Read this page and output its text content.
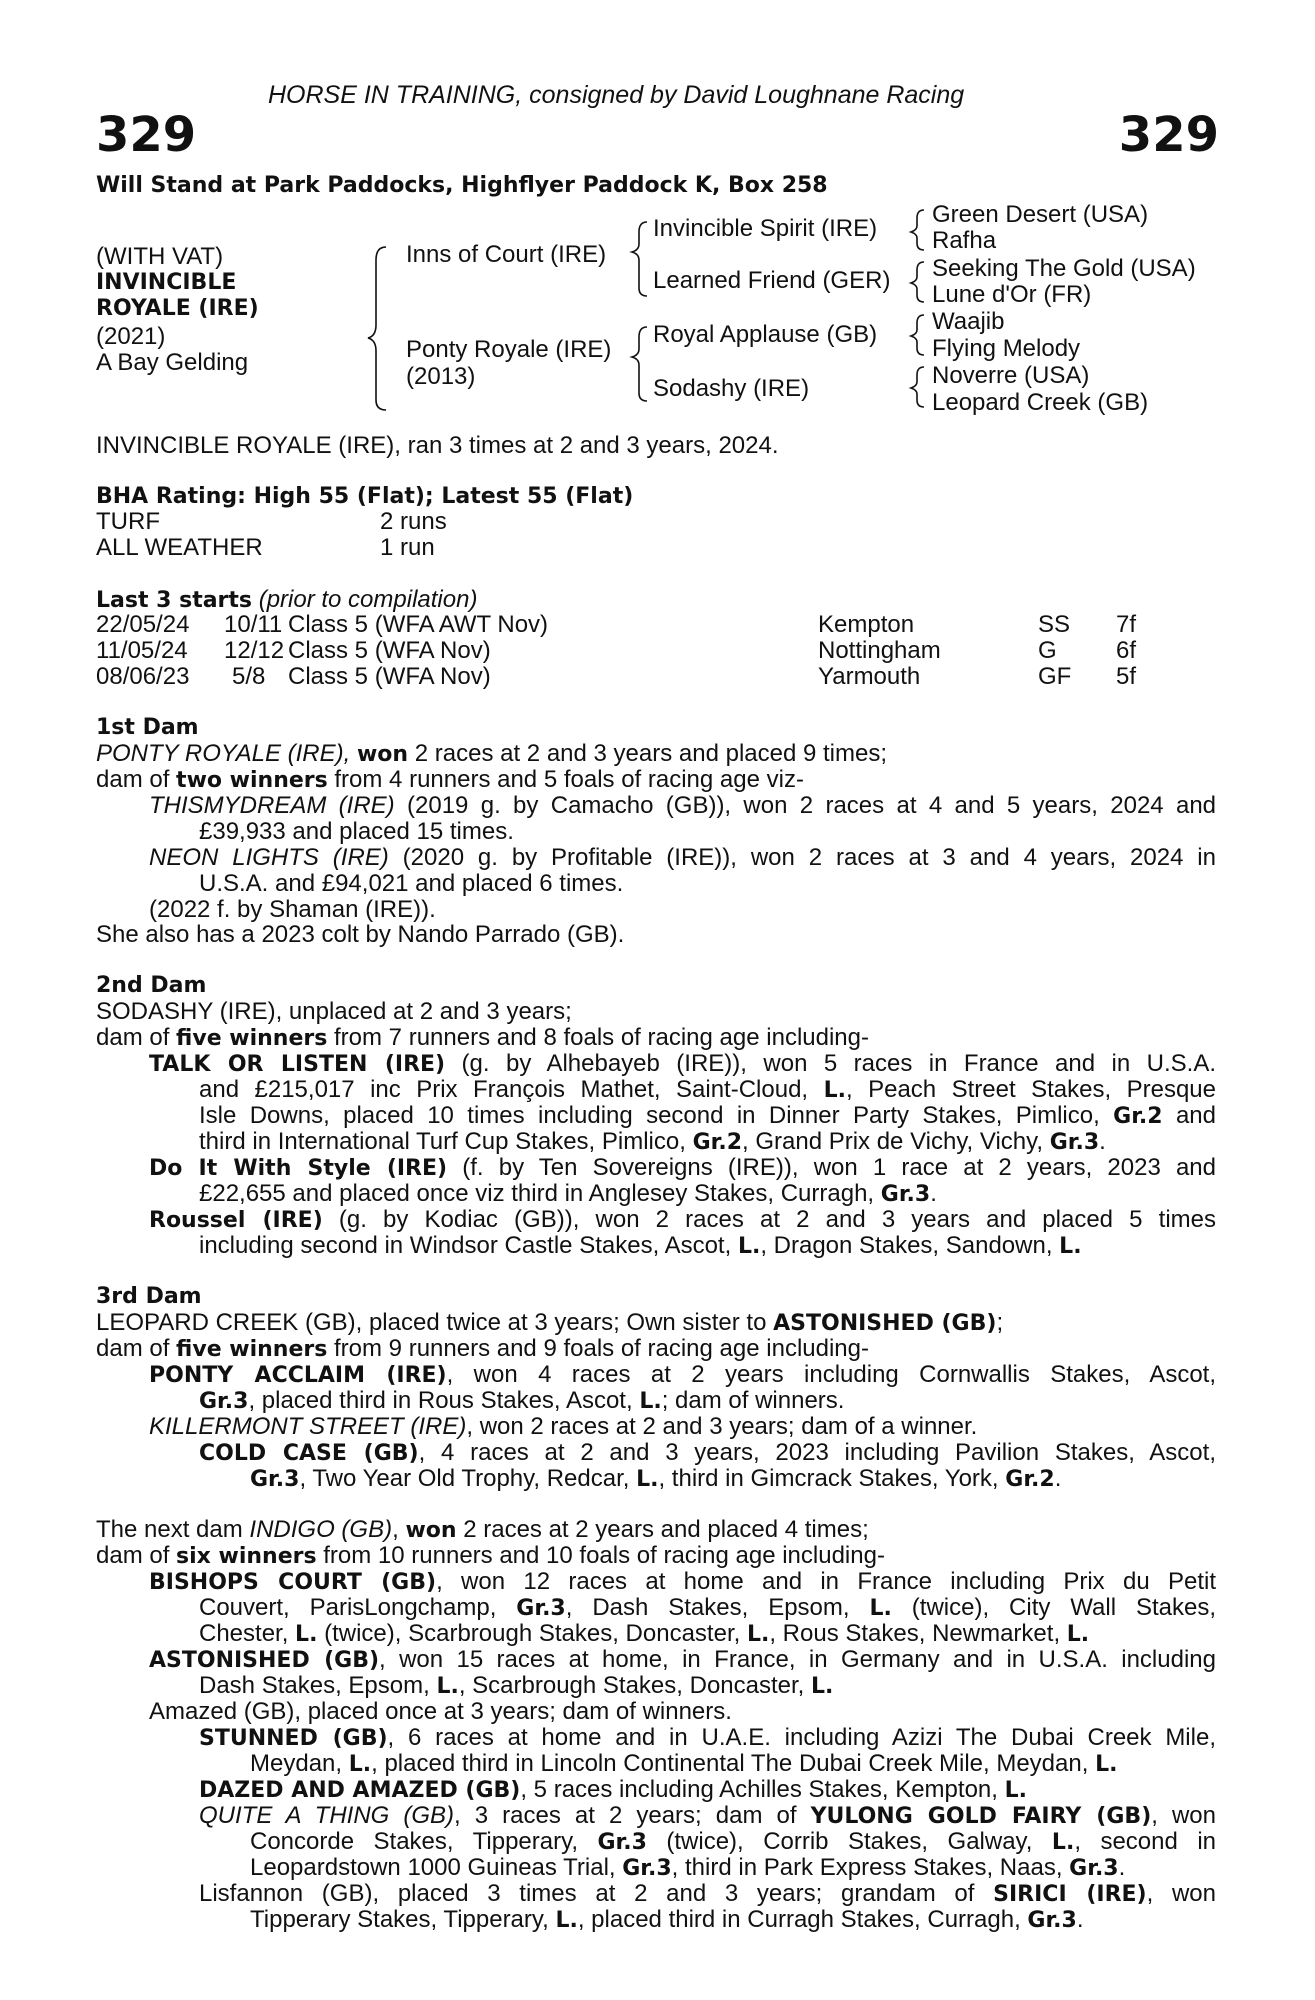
HORSE IN TRAINING, consigned by David Loughnane Racing
329	329
Will Stand at Park Paddocks, Highflyer Paddock K, Box 258
(WITH VAT)
INVINCIBLE
ROYALE (IRE)
(2021)
A Bay Gelding
Inns of Court (IRE)
Ponty Royale (IRE)
(2013)
Invincible Spirit (IRE)
Learned Friend (GER)
Royal Applause (GB)
Sodashy (IRE)
Green Desert (USA)
Rafha
Seeking The Gold (USA)
Lune d'Or (FR)
Waajib
Flying Melody
Noverre (USA)
Leopard Creek (GB)
INVINCIBLE ROYALE (IRE), ran 3 times at 2 and 3 years, 2024.
BHA Rating: High 55 (Flat); Latest 55 (Flat)
TURF	2 runs
ALL WEATHER	1 run
Last 3 starts (prior to compilation)
22/05/24 10/11 Class 5 (WFA AWT Nov)	Kempton	SS 7f
11/05/24 12/12 Class 5 (WFA Nov)	Nottingham	G 6f
08/06/23 5/8 Class 5 (WFA Nov)	Yarmouth	GF 5f
1st Dam
PONTY ROYALE (IRE), won 2 races at 2 and 3 years and placed 9 times;
dam of two winners from 4 runners and 5 foals of racing age viz-
THISMYDREAM (IRE) (2019 g. by Camacho (GB)), won 2 races at 4 and 5 years, 2024 and
£39,933 and placed 15 times.
NEON LIGHTS (IRE) (2020 g. by Profitable (IRE)), won 2 races at 3 and 4 years, 2024 in
U.S.A. and £94,021 and placed 6 times.
(2022 f. by Shaman (IRE)).
She also has a 2023 colt by Nando Parrado (GB).
2nd Dam
SODASHY (IRE), unplaced at 2 and 3 years;
dam of five winners from 7 runners and 8 foals of racing age including-
TALK OR LISTEN (IRE) (g. by Alhebayeb (IRE)), won 5 races in France and in U.S.A.
and £215,017 inc Prix François Mathet, Saint-Cloud, L., Peach Street Stakes, Presque
Isle Downs, placed 10 times including second in Dinner Party Stakes, Pimlico, Gr.2 and
third in International Turf Cup Stakes, Pimlico, Gr.2, Grand Prix de Vichy, Vichy, Gr.3.
Do It With Style (IRE) (f. by Ten Sovereigns (IRE)), won 1 race at 2 years, 2023 and
£22,655 and placed once viz third in Anglesey Stakes, Curragh, Gr.3.
Roussel (IRE) (g. by Kodiac (GB)), won 2 races at 2 and 3 years and placed 5 times
including second in Windsor Castle Stakes, Ascot, L., Dragon Stakes, Sandown, L.
3rd Dam
LEOPARD CREEK (GB), placed twice at 3 years; Own sister to ASTONISHED (GB);
dam of five winners from 9 runners and 9 foals of racing age including-
PONTY ACCLAIM (IRE), won 4 races at 2 years including Cornwallis Stakes, Ascot,
Gr.3, placed third in Rous Stakes, Ascot, L.; dam of winners.
KILLERMONT STREET (IRE), won 2 races at 2 and 3 years; dam of a winner.
COLD CASE (GB), 4 races at 2 and 3 years, 2023 including Pavilion Stakes, Ascot,
Gr.3, Two Year Old Trophy, Redcar, L., third in Gimcrack Stakes, York, Gr.2.
The next dam INDIGO (GB), won 2 races at 2 years and placed 4 times;
dam of six winners from 10 runners and 10 foals of racing age including-
BISHOPS COURT (GB), won 12 races at home and in France including Prix du Petit
Couvert, ParisLongchamp, Gr.3, Dash Stakes, Epsom, L. (twice), City Wall Stakes,
Chester, L. (twice), Scarbrough Stakes, Doncaster, L., Rous Stakes, Newmarket, L.
ASTONISHED (GB), won 15 races at home, in France, in Germany and in U.S.A. including
Dash Stakes, Epsom, L., Scarbrough Stakes, Doncaster, L.
Amazed (GB), placed once at 3 years; dam of winners.
STUNNED (GB), 6 races at home and in U.A.E. including Azizi The Dubai Creek Mile,
Meydan, L., placed third in Lincoln Continental The Dubai Creek Mile, Meydan, L.
DAZED AND AMAZED (GB), 5 races including Achilles Stakes, Kempton, L.
QUITE A THING (GB), 3 races at 2 years; dam of YULONG GOLD FAIRY (GB), won
Concorde Stakes, Tipperary, Gr.3 (twice), Corrib Stakes, Galway, L., second in
Leopardstown 1000 Guineas Trial, Gr.3, third in Park Express Stakes, Naas, Gr.3.
Lisfannon (GB), placed 3 times at 2 and 3 years; grandam of SIRICI (IRE), won
Tipperary Stakes, Tipperary, L., placed third in Curragh Stakes, Curragh, Gr.3.
